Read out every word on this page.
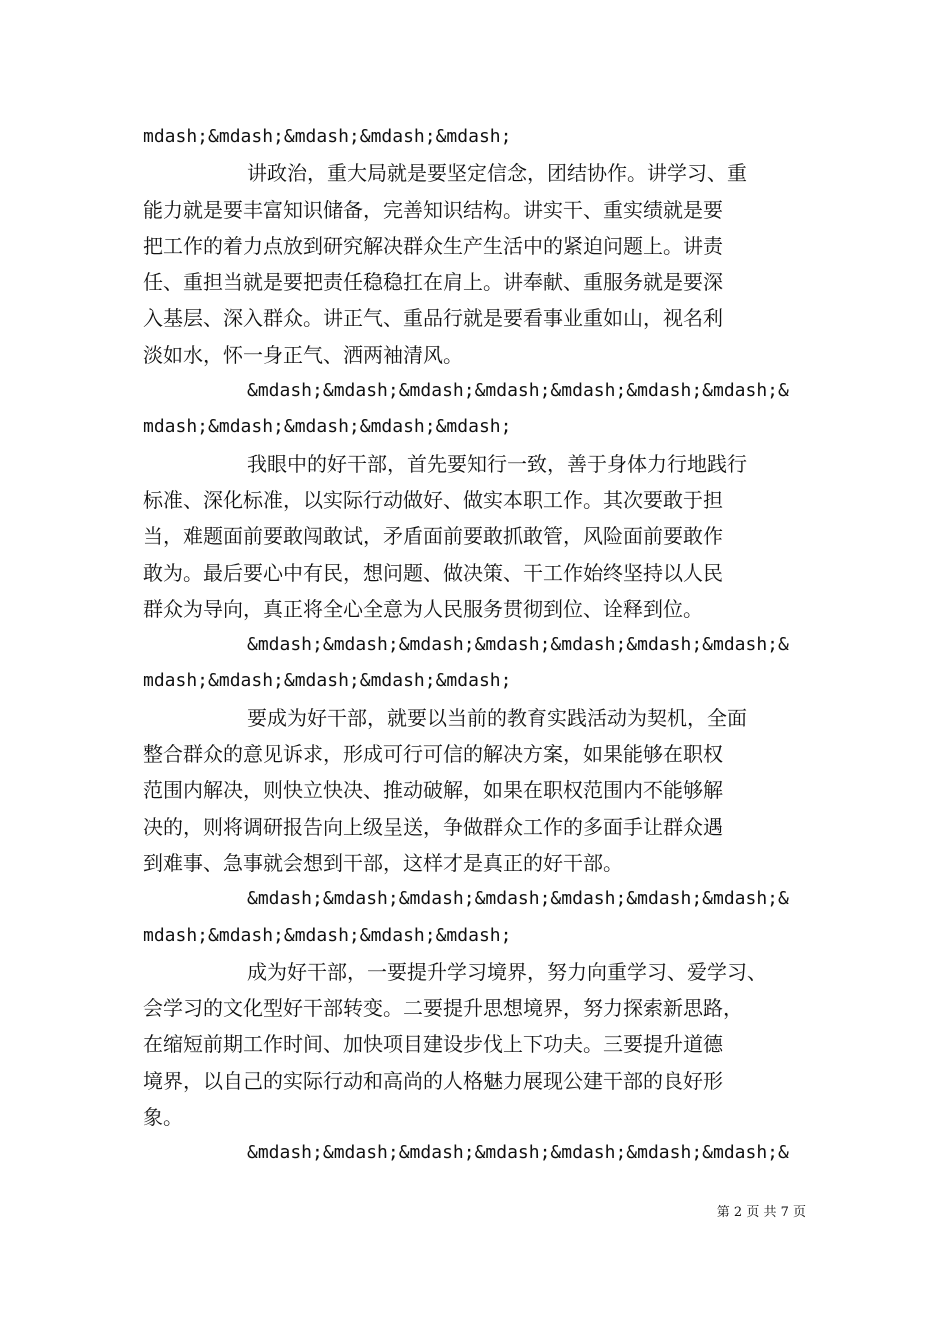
mdash;&mdash;&mdash;&mdash;&mdash;
讲政治，重大局就是要坚定信念，团结协作。讲学习、重
能力就是要丰富知识储备，完善知识结构。讲实干、重实绩就是要
把工作的着力点放到研究解决群众生产生活中的紧迫问题上。讲责
任、重担当就是要把责任稳稳扛在肩上。讲奉献、重服务就是要深
入基层、深入群众。讲正气、重品行就是要看事业重如山，视名利
淡如水，怀一身正气、洒两袖清风。
&mdash;&mdash;&mdash;&mdash;&mdash;&mdash;&mdash;&
mdash;&mdash;&mdash;&mdash;&mdash;
我眼中的好干部，首先要知行一致，善于身体力行地践行
标准、深化标准，以实际行动做好、做实本职工作。其次要敢于担
当，难题面前要敢闯敢试，矛盾面前要敢抓敢管，风险面前要敢作
敢为。最后要心中有民，想问题、做决策、干工作始终坚持以人民
群众为导向，真正将全心全意为人民服务贯彻到位、诠释到位。
&mdash;&mdash;&mdash;&mdash;&mdash;&mdash;&mdash;&
mdash;&mdash;&mdash;&mdash;&mdash;
要成为好干部，就要以当前的教育实践活动为契机，全面
整合群众的意见诉求，形成可行可信的解决方案，如果能够在职权
范围内解决，则快立快决、推动破解，如果在职权范围内不能够解
决的，则将调研报告向上级呈送，争做群众工作的多面手让群众遇
到难事、急事就会想到干部，这样才是真正的好干部。
&mdash;&mdash;&mdash;&mdash;&mdash;&mdash;&mdash;&
mdash;&mdash;&mdash;&mdash;&mdash;
成为好干部，一要提升学习境界，努力向重学习、爱学习、
会学习的文化型好干部转变。二要提升思想境界，努力探索新思路，
在缩短前期工作时间、加快项目建设步伐上下功夫。三要提升道德
境界，以自己的实际行动和高尚的人格魅力展现公建干部的良好形
象。
&mdash;&mdash;&mdash;&mdash;&mdash;&mdash;&mdash;&
第 2 页 共 7 页
